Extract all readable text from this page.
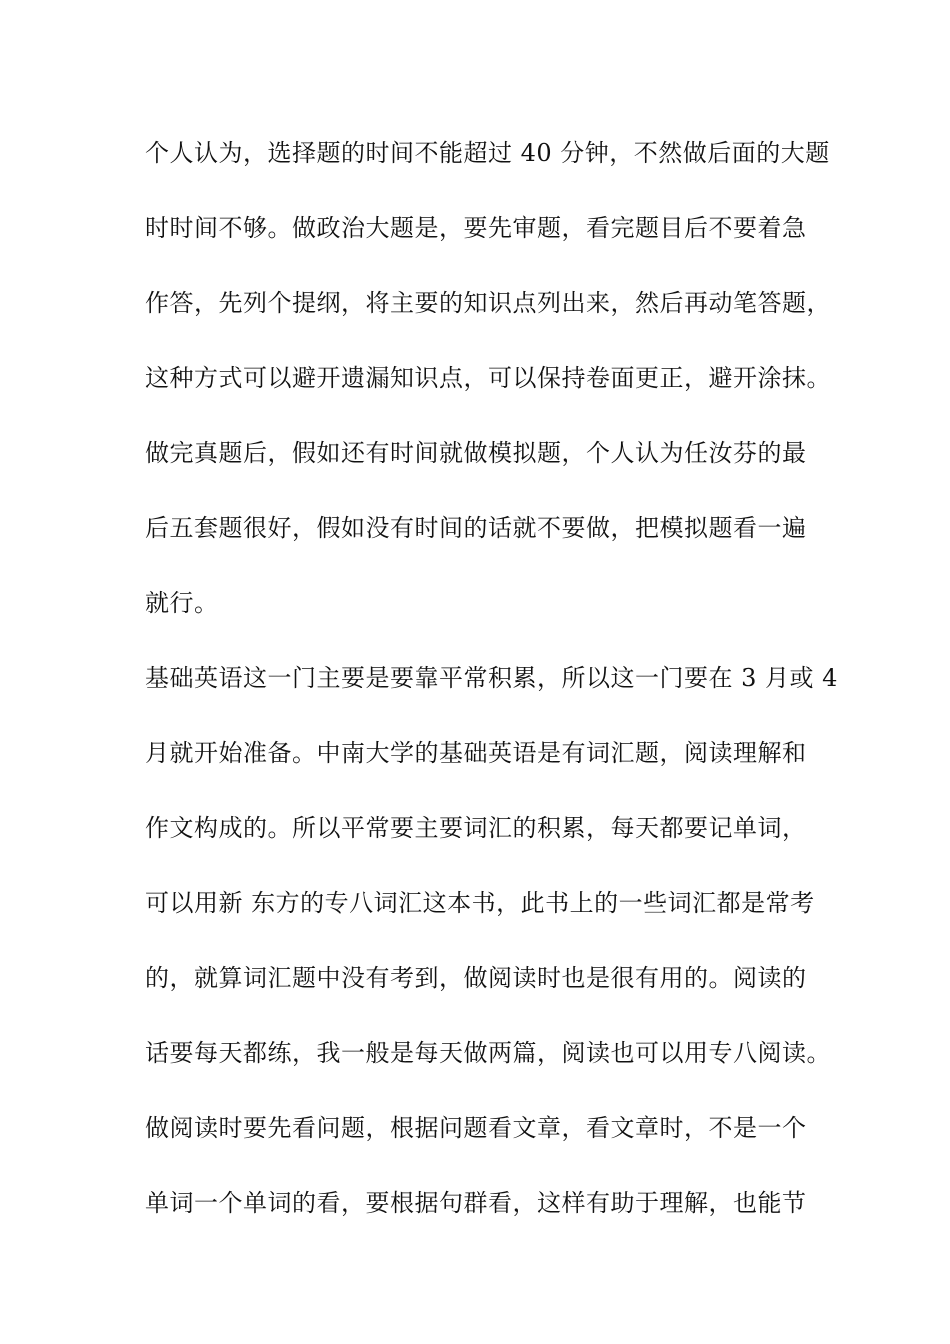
个人认为，选择题的时间不能超过 40 分钟，不然做后面的大题
时时间不够。做政治大题是，要先审题，看完题目后不要着急
作答，先列个提纲，将主要的知识点列出来，然后再动笔答题，
这种方式可以避开遗漏知识点，可以保持卷面更正，避开涂抹。
做完真题后，假如还有时间就做模拟题，个人认为任汝芬的最
后五套题很好，假如没有时间的话就不要做，把模拟题看一遍
就行。
基础英语这一门主要是要靠平常积累，所以这一门要在 3 月或 4
月就开始准备。中南大学的基础英语是有词汇题，阅读理解和
作文构成的。所以平常要主要词汇的积累，每天都要记单词，
可以用新 东方的专八词汇这本书，此书上的一些词汇都是常考
的，就算词汇题中没有考到，做阅读时也是很有用的。阅读的
话要每天都练，我一般是每天做两篇，阅读也可以用专八阅读。
做阅读时要先看问题，根据问题看文章，看文章时，不是一个
单词一个单词的看，要根据句群看，这样有助于理解，也能节
